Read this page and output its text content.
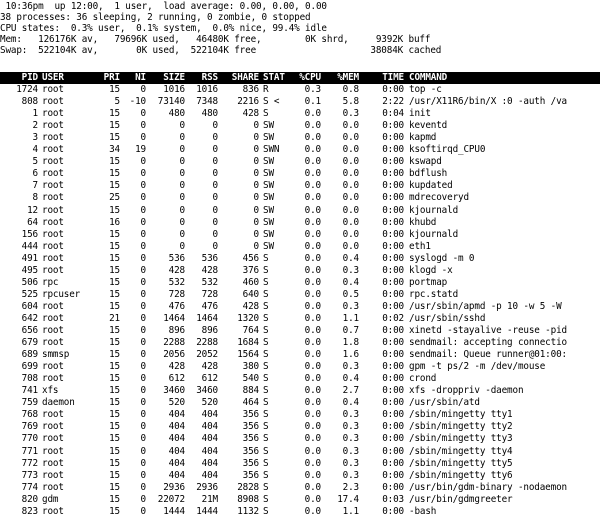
10:36pm  up 12:00,  1 user,  load average: 0.00, 0.00, 0.00
38 processes: 36 sleeping, 2 running, 0 zombie, 0 stopped
CPU states:  0.3% user,  0.1% system,  0.0% nice, 99.4% idle
Mem:   126176K av,   79696K used,   46480K free,        0K shrd,     9392K buff
Swap:  522104K av,       0K used,  522104K free                     38084K cached
PID USER	PRI NI SIZE RSS SHARE STAT %CPU %MEM TIME COMMAND
1724 root	15 0 1016 1016	836 R	0.3 0.8 0:00 top -c
808 root	5 -10 73140 7348 2216 S <	0.1 5.8 2:22 /usr/X11R6/bin/X :0 -auth /va
1 root	15 0 480 480	428 S	0.0 0.3 0:04 init
2 root	15 0	0	0	0 SW	0.0 0.0 0:00 keventd
3 root	15 0	0	0	0 SW	0.0 0.0 0:00 kapmd
4 root	34 19	0	0	0 SWN	0.0 0.0 0:00 ksoftirqd_CPU0
5 root	15 0	0	0	0 SW	0.0 0.0 0:00 kswapd
6 root	15 0	0	0	0 SW	0.0 0.0 0:00 bdflush
7 root	15 0	0	0	0 SW	0.0 0.0 0:00 kupdated
8 root	25 0	0	0	0 SW	0.0 0.0 0:00 mdrecoveryd
12 root	15 0	0	0	0 SW	0.0 0.0 0:00 kjournald
64 root	16 0	0	0	0 SW	0.0 0.0 0:00 khubd
156 root	15 0	0	0	0 SW	0.0 0.0 0:00 kjournald
444 root	15 0	0	0	0 SW	0.0 0.0 0:00 eth1
491 root	15 0 536 536	456 S	0.0 0.4 0:00 syslogd -m 0
495 root	15 0 428 428	376 S	0.0 0.3 0:00 klogd -x
506 rpc	15 0 532 532	460 S	0.0 0.4 0:00 portmap
525 rpcuser	15 0 728 728	640 S	0.0 0.5 0:00 rpc.statd
604 root	15 0 476 476	428 S	0.0 0.3 0:00 /usr/sbin/apmd -p 10 -w 5 -W
642 root	21 0 1464 1464 1320 S	0.0 1.1 0:02 /usr/sbin/sshd
656 root	15 0 896 896	764 S	0.0 0.7 0:00 xinetd -stayalive -reuse -pid
679 root	15 0 2288 2288 1684 S	0.0 1.8 0:00 sendmail: accepting connectio
689 smmsp	15 0 2056 2052 1564 S	0.0 1.6 0:00 sendmail: Queue runner@01:00:
699 root	15 0 428 428	380 S	0.0 0.3 0:00 gpm -t ps/2 -m /dev/mouse
708 root	15 0 612 612	540 S	0.0 0.4 0:00 crond
741 xfs	15 0 3460 3460	884 S	0.0 2.7 0:00 xfs -droppriv -daemon
759 daemon	15 0 520 520	464 S	0.0 0.4 0:00 /usr/sbin/atd
768 root	15 0 404 404	356 S	0.0 0.3 0:00 /sbin/mingetty tty1
769 root	15 0 404 404	356 S	0.0 0.3 0:00 /sbin/mingetty tty2
770 root	15 0 404 404	356 S	0.0 0.3 0:00 /sbin/mingetty tty3
771 root	15 0 404 404	356 S	0.0 0.3 0:00 /sbin/mingetty tty4
772 root	15 0 404 404	356 S	0.0 0.3 0:00 /sbin/mingetty tty5
773 root	15 0 404 404	356 S	0.0 0.3 0:00 /sbin/mingetty tty6
774 root	15 0 2936 2936 2828 S	0.0 2.3 0:00 /usr/bin/gdm-binary -nodaemon
820 gdm	15 0 22072 21M 8908 S	0.0 17.4 0:03 /usr/bin/gdmgreeter
823 root	15 0 1444 1444 1132 S	0.0 1.1 0:00 -bash
